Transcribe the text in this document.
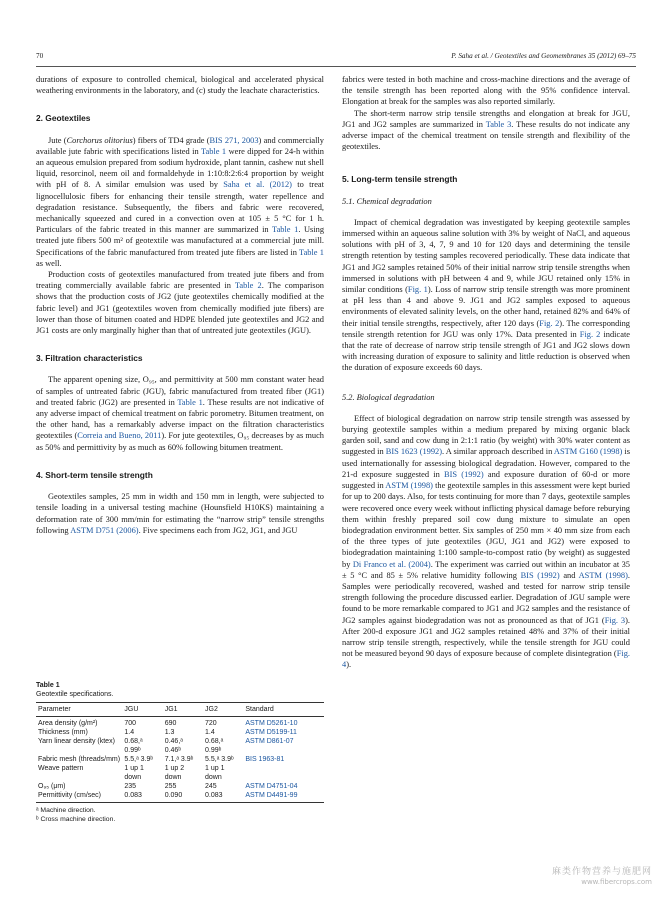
70	P. Saha et al. / Geotextiles and Geomembranes 35 (2012) 69–75

durations of exposure to controlled chemical, biological and accelerated physical weathering environments in the laboratory, and (c) study the leachate characteristics.

2. Geotextiles

Jute (Corchorus olitorius) fibers of TD4 grade (BIS 271, 2003) and commercially available jute fabric with specifications listed in Table 1 were dipped for 24-h within an aqueous emulsion prepared from sodium hydroxide, plant tannin, cashew nut shell liquid, resorcinol, neem oil and formaldehyde in 1:10:8:2:6:4 proportion by weight with pH of 8. A similar emulsion was used by Saha et al. (2012) to treat lignocellulosic fibers for enhancing their tensile strength, water repellence and degradation resistance. Subsequently, the fibers and fabric were recovered, mechanically squeezed and cured in a convection oven at 105 ± 5 °C for 1 h. Particulars of the fabric treated in this manner are summarized in Table 1. Using treated jute fibers 500 m² of geotextile was manufactured at a commercial jute mill. Specifications of the fabric manufactured from treated jute fibers are listed in Table 1 as well.

Production costs of geotextiles manufactured from treated jute fibers and from treating commercially available fabric are presented in Table 2. The comparison shows that the production costs of JG2 (jute geotextiles chemically modified at the fabric level) and JG1 (geotextiles woven from chemically modified jute fibers) are lower than those of bitumen coated and HDPE blended jute geotextiles and JG2 and JG1 costs are only marginally higher than that of untreated jute geotextiles (JGU).

3. Filtration characteristics

The apparent opening size, O₉₅, and permittivity at 500 mm constant water head of samples of untreated fabric (JGU), fabric manufactured from treated fiber (JG1) and treated fabric (JG2) are presented in Table 1. These results are not indicative of any adverse impact of chemical treatment on fabric porometry. Bitumen treatment, on the other hand, has a remarkably adverse impact on the filtration characteristics geotextiles (Correia and Bueno, 2011). For jute geotextiles, O₉₅ decreases by as much as 50% and permittivity by as much as 60% following bitumen treatment.

4. Short-term tensile strength

Geotextiles samples, 25 mm in width and 150 mm in length, were subjected to tensile loading in a universal testing machine (Hounsfield H10KS) maintaining a deformation rate of 300 mm/min for estimating the “narrow strip” tensile strengths following ASTM D751 (2006). Five specimens each from JG2, JG1, and JGU

Table 1
Geotextile specifications.
Parameter	JGU	JG1	JG2	Standard
Area density (g/m²)	700	690	720	ASTM D5261-10
Thickness (mm)	1.4	1.3	1.4	ASTM D5199-11
Yarn linear density (ktex)	0.68,ᵃ 0.99ᵇ	0.46,ᵃ 0.46ᵇ	0.68,ᵃ 0.99ᵇ	ASTM D861-07
Fabric mesh (threads/mm)	5.5,ᵃ 3.9ᵇ	7.1,ᵃ 3.9ᵇ	5.5,ᵃ 3.9ᵇ	BIS 1963-81
Weave pattern	1 up 1 down	1 up 2 down	1 up 1 down	
O₉₅ (μm)	235	255	245	ASTM D4751-04
Permittivity (cm/sec)	0.083	0.090	0.083	ASTM D4491-99
ᵃ Machine direction.
ᵇ Cross machine direction.

fabrics were tested in both machine and cross-machine directions and the average of the tensile strength has been reported along with the 95% confidence interval. Elongation at break for the samples was also reported similarly.

The short-term narrow strip tensile strengths and elongation at break for JGU, JG1 and JG2 samples are summarized in Table 3. These results do not indicate any adverse impact of the chemical treatment on tensile strength and flexibility of the geotextiles.

5. Long-term tensile strength
5.1. Chemical degradation

Impact of chemical degradation was investigated by keeping geotextile samples immersed within an aqueous saline solution with 3% by weight of NaCl, and aqueous solutions with pH of 3, 4, 7, 9 and 10 for 120 days and determining the tensile strength retention by testing samples recovered periodically. These data indicate that JG1 and JG2 samples retained 50% of their initial narrow strip tensile strengths when immersed in solutions with pH between 4 and 9, while JGU retained only 15% in similar conditions (Fig. 1). Loss of narrow strip tensile strength was more prominent at pH less than 4 and above 9. JG1 and JG2 samples exposed to aqueous environments of elevated salinity levels, on the other hand, retained 82% and 64% of their initial tensile strengths, respectively, after 120 days (Fig. 2). The corresponding tensile strength retention for JGU was only 17%. Data presented in Fig. 2 indicate that the rate of decrease of narrow strip tensile strength of JG1 and JG2 slows down with increasing duration of exposure to salinity and little reduction is observed when the duration of exposure exceeds 60 days.

5.2. Biological degradation

Effect of biological degradation on narrow strip tensile strength was assessed by burying geotextile samples within a medium prepared by mixing organic black garden soil, sand and cow dung in 2:1:1 ratio (by weight) with 30% water content as suggested in BIS 1623 (1992). A similar approach described in ASTM G160 (1998) is used internationally for assessing biological degradation. However, compared to the 21-d exposure suggested in BIS (1992) and exposure duration of 60-d or more suggested in ASTM (1998) the geotextile samples in this assessment were kept buried for up to 200 days. Also, for tests continuing for more than 7 days, geotextile samples were recovered once every week without inflicting physical damage before reburying them within freshly prepared soil cow dung mixture to simulate an open biodegradation environment better. Six samples of 250 mm × 40 mm size from each of the three types of jute geotextiles (JGU, JG1 and JG2) were exposed to biodegradation maintaining 1:100 sample-to-compost ratio (by weight) as suggested by Di Franco et al. (2004). The experiment was carried out within an incubator at 35 ± 5 °C and 85 ± 5% relative humidity following BIS (1992) and ASTM (1998). Samples were periodically recovered, washed and tested for narrow strip tensile strength following the procedure discussed earlier. Degradation of JGU sample were found to be more remarkable compared to JG1 and JG2 samples and the resistance of JG2 samples against biodegradation was not as pronounced as that of JG1 (Fig. 3). After 200-d exposure JG1 and JG2 samples retained 48% and 37% of their initial narrow strip tensile strength, respectively, while the tensile strength for JGU could not be measured beyond 90 days of exposure because of complete disintegration (Fig. 4).

麻类作物营养与施肥网
www.fibercrops.com
